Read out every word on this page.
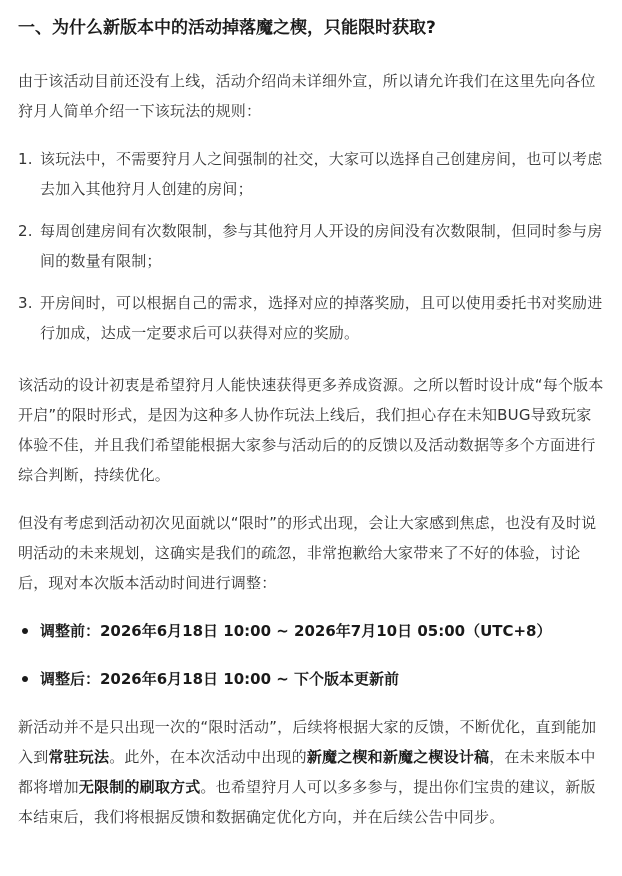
一、为什么新版本中的活动掉落魔之楔，只能限时获取?

由于该活动目前还没有上线，活动介绍尚未详细外宣，所以请允许我们在这里先向各位狩月人简单介绍一下该玩法的规则：

1. 该玩法中，不需要狩月人之间强制的社交，大家可以选择自己创建房间，也可以考虑去加入其他狩月人创建的房间；
2. 每周创建房间有次数限制，参与其他狩月人开设的房间没有次数限制，但同时参与房间的数量有限制；
3. 开房间时，可以根据自己的需求，选择对应的掉落奖励，且可以使用委托书对奖励进行加成，达成一定要求后可以获得对应的奖励。

该活动的设计初衷是希望狩月人能快速获得更多养成资源。之所以暂时设计成“每个版本开启”的限时形式，是因为这种多人协作玩法上线后，我们担心存在未知BUG导致玩家体验不佳，并且我们希望能根据大家参与活动后的的反馈以及活动数据等多个方面进行综合判断，持续优化。

但没有考虑到活动初次见面就以“限时”的形式出现，会让大家感到焦虑，也没有及时说明活动的未来规划，这确实是我们的疏忽，非常抱歉给大家带来了不好的体验，讨论后，现对本次版本活动时间进行调整：

调整前：2026年6月18日 10:00 ~ 2026年7月10日 05:00（UTC+8）
调整后：2026年6月18日 10:00 ~ 下个版本更新前

新活动并不是只出现一次的“限时活动”，后续将根据大家的反馈，不断优化，直到能加入到常驻玩法。此外，在本次活动中出现的新魔之楔和新魔之楔设计稿，在未来版本中都将增加无限制的刷取方式。也希望狩月人可以多多参与，提出你们宝贵的建议，新版本结束后，我们将根据反馈和数据确定优化方向，并在后续公告中同步。
